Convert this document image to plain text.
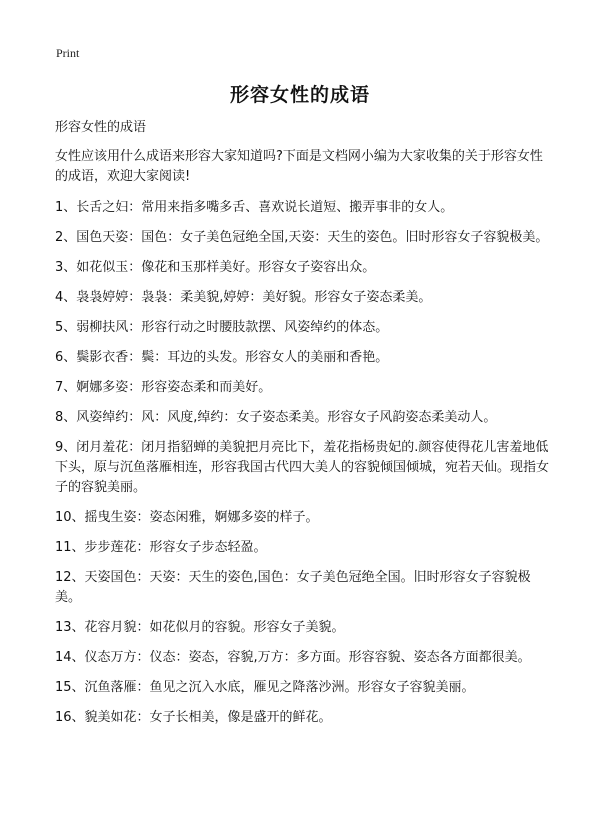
Print
形容女性的成语

形容女性的成语

女性应该用什么成语来形容大家知道吗?下面是文档网小编为大家收集的关于形容女性的成语，欢迎大家阅读!

1、长舌之妇：常用来指多嘴多舌、喜欢说长道短、搬弄事非的女人。

2、国色天姿：国色：女子美色冠绝全国,天姿：天生的姿色。旧时形容女子容貌极美。

3、如花似玉：像花和玉那样美好。形容女子姿容出众。

4、袅袅婷婷：袅袅：柔美貌,婷婷：美好貌。形容女子姿态柔美。

5、弱柳扶风：形容行动之时腰肢款摆、风姿绰约的体态。

6、鬓影衣香：鬓：耳边的头发。形容女人的美丽和香艳。

7、婀娜多姿：形容姿态柔和而美好。

8、风姿绰约：风：风度,绰约：女子姿态柔美。形容女子风韵姿态柔美动人。

9、闭月羞花：闭月指貂蝉的美貌把月亮比下，羞花指杨贵妃的.颜容使得花儿害羞地低下头，原与沉鱼落雁相连，形容我国古代四大美人的容貌倾国倾城，宛若天仙。现指女子的容貌美丽。

10、摇曳生姿：姿态闲雅，婀娜多姿的样子。

11、步步莲花：形容女子步态轻盈。

12、天姿国色：天姿：天生的姿色,国色：女子美色冠绝全国。旧时形容女子容貌极美。

13、花容月貌：如花似月的容貌。形容女子美貌。

14、仪态万方：仪态：姿态，容貌,万方：多方面。形容容貌、姿态各方面都很美。

15、沉鱼落雁：鱼见之沉入水底，雁见之降落沙洲。形容女子容貌美丽。

16、貌美如花：女子长相美，像是盛开的鲜花。
